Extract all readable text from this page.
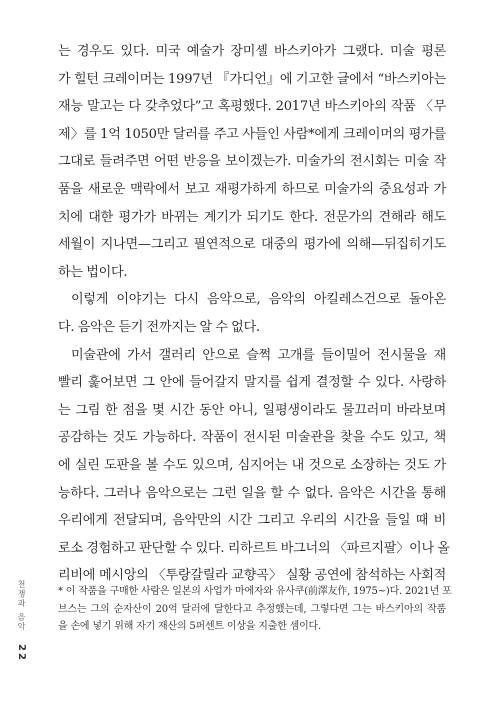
는 경우도 있다. 미국 예술가 장미셸 바스키아가 그랬다. 미술 평론
가 힐턴 크레이머는 1997년 『가디언』에 기고한 글에서 “바스키아는
재능 말고는 다 갖추었다”고 혹평했다. 2017년 바스키아의 작품 〈무
제〉를 1억 1050만 달러를 주고 사들인 사람*에게 크레이머의 평가를
그대로 들려주면 어떤 반응을 보이겠는가. 미술가의 전시회는 미술 작
품을 새로운 맥락에서 보고 재평가하게 하므로 미술가의 중요성과 가
치에 대한 평가가 바뀌는 계기가 되기도 한다. 전문가의 견해라 해도
세월이 지나면—그리고 필연적으로 대중의 평가에 의해—뒤집히기도
하는 법이다.
이렇게 이야기는 다시 음악으로, 음악의 아킬레스건으로 돌아온
다. 음악은 듣기 전까지는 알 수 없다.
미술관에 가서 갤러리 안으로 슬쩍 고개를 들이밀어 전시물을 재
빨리 훑어보면 그 안에 들어갈지 말지를 쉽게 결정할 수 있다. 사랑하
는 그림 한 점을 몇 시간 동안 아니, 일평생이라도 물끄러미 바라보며
공감하는 것도 가능하다. 작품이 전시된 미술관을 찾을 수도 있고, 책
에 실린 도판을 볼 수도 있으며, 심지어는 내 것으로 소장하는 것도 가
능하다. 그러나 음악으로는 그런 일을 할 수 없다. 음악은 시간을 통해
우리에게 전달되며, 음악만의 시간 그리고 우리의 시간을 들일 때 비
로소 경험하고 판단할 수 있다. 리하르트 바그너의 〈파르지팔〉이나 올
리비에 메시앙의 〈투랑갈릴라 교향곡〉 실황 공연에 참석하는 사회적
* 이 작품을 구매한 사람은 일본의 사업가 마에자와 유사쿠(前澤友作, 1975~)다. 2021년 포
브스는 그의 순자산이 20억 달러에 달한다고 추정했는데, 그렇다면 그는 바스키아의 작품
을 손에 넣기 위해 자기 재산의 5퍼센트 이상을 지출한 셈이다.
천쟁과 음악
22
